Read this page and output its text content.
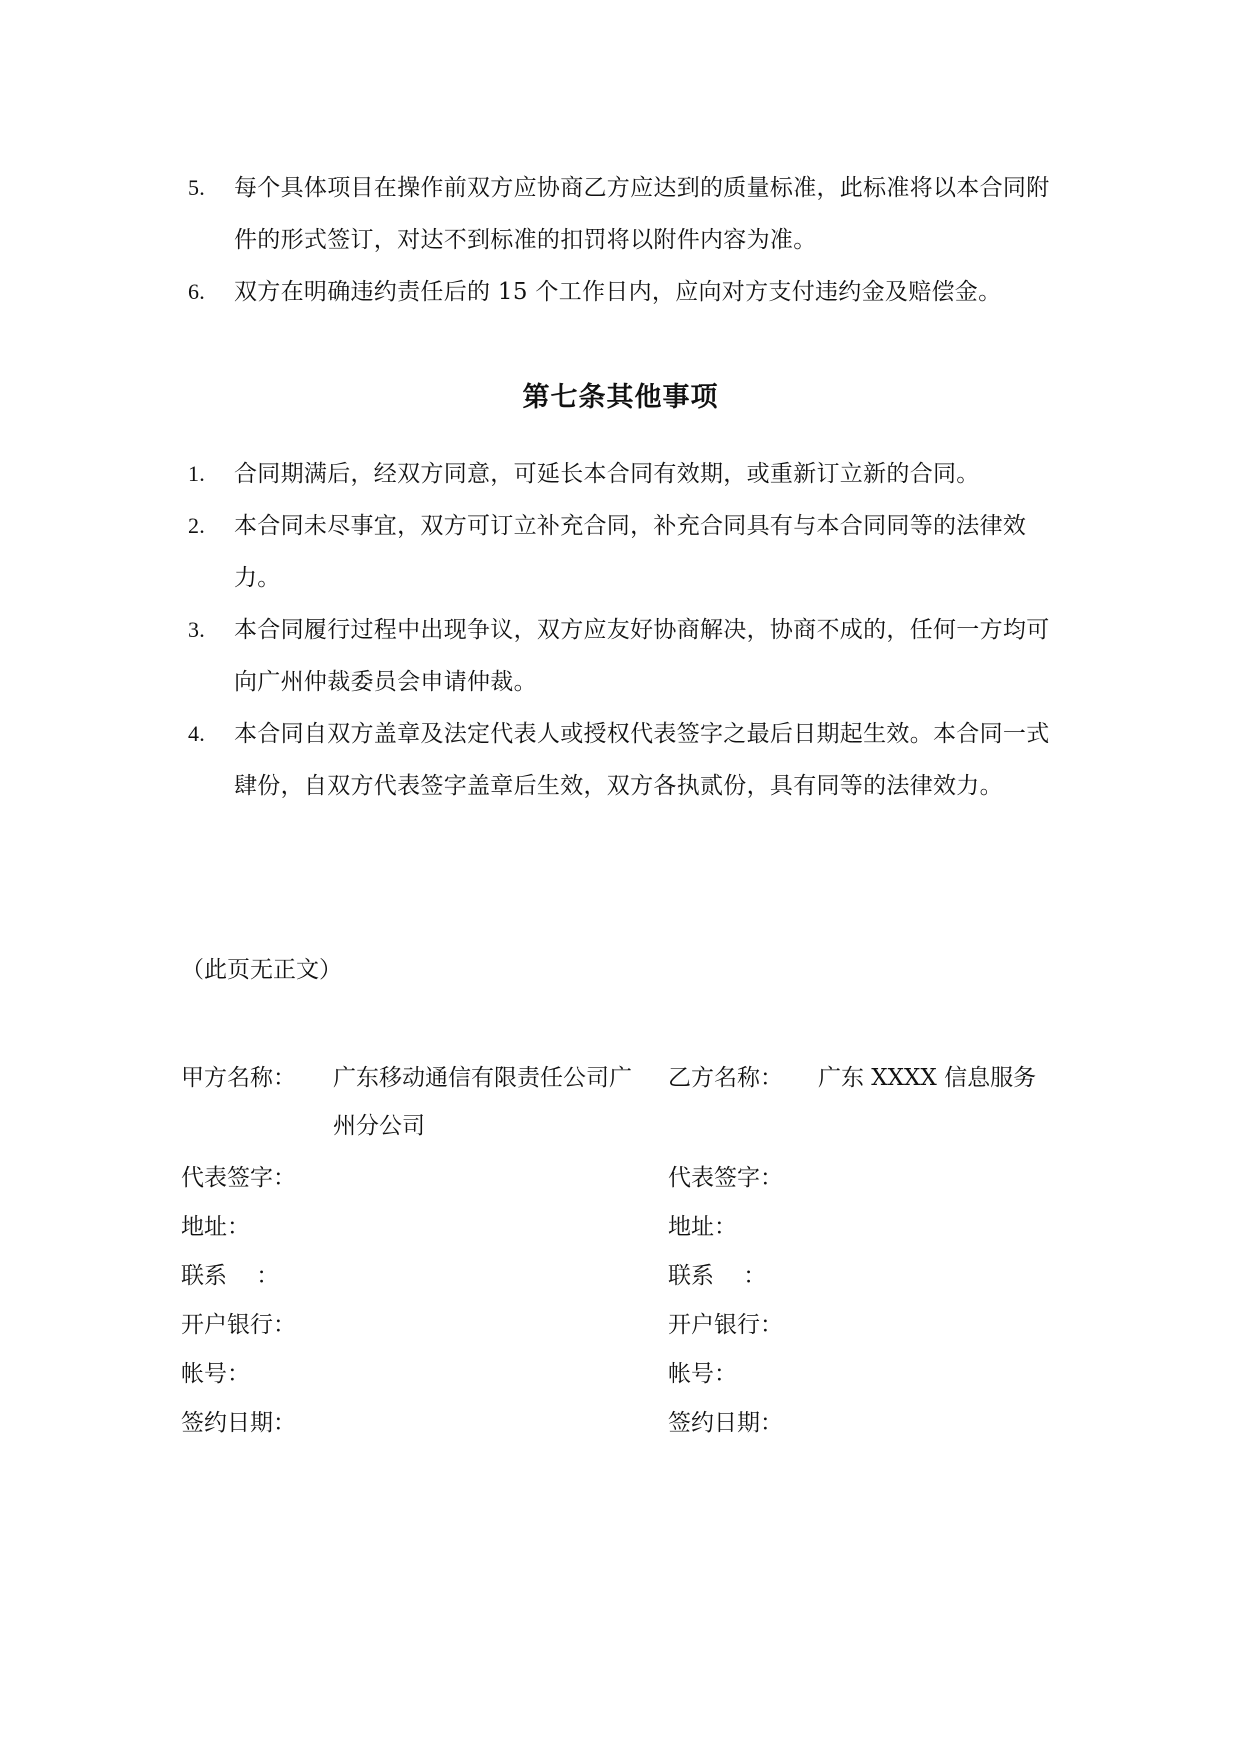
5. 每个具体项目在操作前双方应协商乙方应达到的质量标准，此标准将以本合同附件的形式签订，对达不到标准的扣罚将以附件内容为准。
6. 双方在明确违约责任后的 15 个工作日内，应向对方支付违约金及赔偿金。
第七条其他事项
1. 合同期满后，经双方同意，可延长本合同有效期，或重新订立新的合同。
2. 本合同未尽事宜，双方可订立补充合同，补充合同具有与本合同同等的法律效力。
3. 本合同履行过程中出现争议，双方应友好协商解决，协商不成的，任何一方均可向广州仲裁委员会申请仲裁。
4. 本合同自双方盖章及法定代表人或授权代表签字之最后日期起生效。本合同一式肆份，自双方代表签字盖章后生效，双方各执贰份，具有同等的法律效力。
（此页无正文）
甲方名称： 广东移动通信有限责任公司广州分公司
代表签字：
地址：
联系    ：
开户银行：
帐号：
签约日期：
乙方名称： 广东 XXXX 信息服务
代表签字：
地址：
联系    ：
开户银行：
帐号：
签约日期：
